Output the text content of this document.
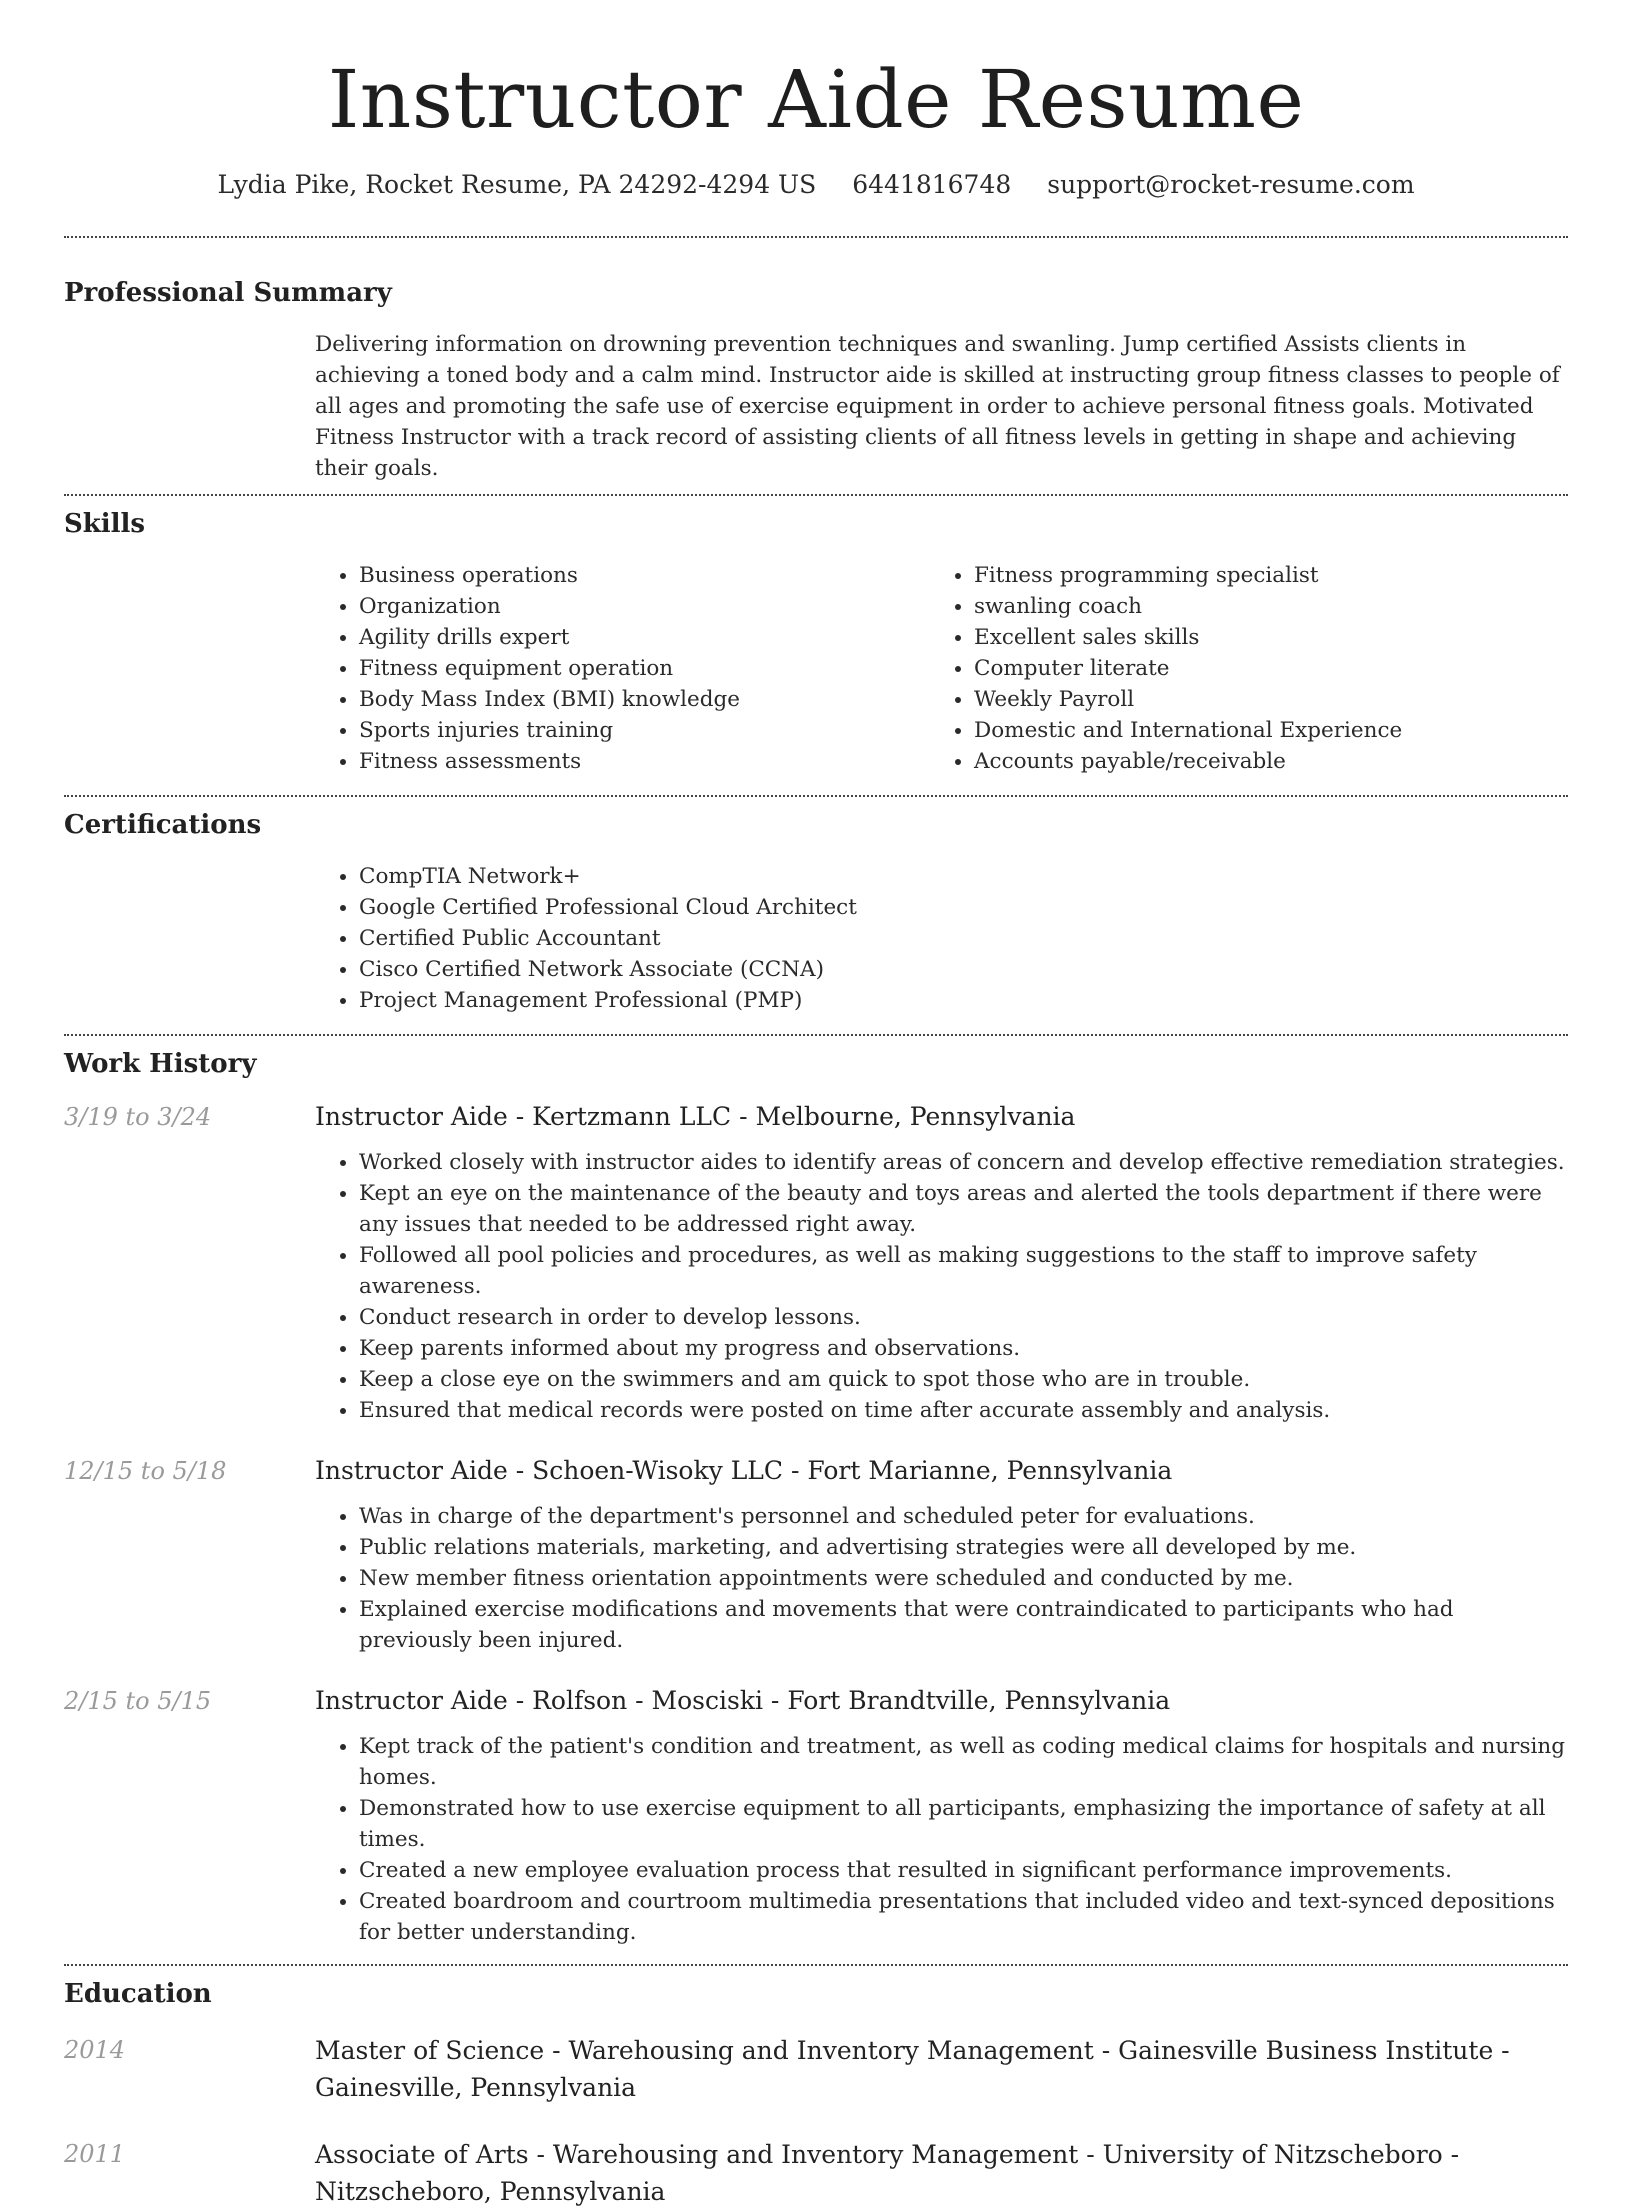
Instructor Aide Resume
Lydia Pike, Rocket Resume, PA 24292-4294 US 6441816748 support@rocket-resume.com
Professional Summary

Delivering information on drowning prevention techniques and swanling. Jump certified Assists clients in achieving a toned body and a calm mind. Instructor aide is skilled at instructing group fitness classes to people of all ages and promoting the safe use of exercise equipment in order to achieve personal fitness goals. Motivated Fitness Instructor with a track record of assisting clients of all fitness levels in getting in shape and achieving their goals.

Skills
• Business operations
• Organization
• Agility drills expert
• Fitness equipment operation
• Body Mass Index (BMI) knowledge
• Sports injuries training
• Fitness assessments
• Fitness programming specialist
• swanling coach
• Excellent sales skills
• Computer literate
• Weekly Payroll
• Domestic and International Experience
• Accounts payable/receivable
Certifications
• CompTIA Network+
• Google Certified Professional Cloud Architect
• Certified Public Accountant
• Cisco Certified Network Associate (CCNA)
• Project Management Professional (PMP)
Work History
3/19 to 3/24	Instructor Aide - Kertzmann LLC - Melbourne, Pennsylvania
• Worked closely with instructor aides to identify areas of concern and develop effective remediation strategies.
• Kept an eye on the maintenance of the beauty and toys areas and alerted the tools department if there were any issues that needed to be addressed right away.
• Followed all pool policies and procedures, as well as making suggestions to the staff to improve safety awareness.
• Conduct research in order to develop lessons.
• Keep parents informed about my progress and observations.
• Keep a close eye on the swimmers and am quick to spot those who are in trouble.
• Ensured that medical records were posted on time after accurate assembly and analysis.
12/15 to 5/18	Instructor Aide - Schoen-Wisoky LLC - Fort Marianne, Pennsylvania
• Was in charge of the department's personnel and scheduled peter for evaluations.
• Public relations materials, marketing, and advertising strategies were all developed by me.
• New member fitness orientation appointments were scheduled and conducted by me.
• Explained exercise modifications and movements that were contraindicated to participants who had previously been injured.
2/15 to 5/15	Instructor Aide - Rolfson - Mosciski - Fort Brandtville, Pennsylvania
• Kept track of the patient's condition and treatment, as well as coding medical claims for hospitals and nursing homes.
• Demonstrated how to use exercise equipment to all participants, emphasizing the importance of safety at all times.
• Created a new employee evaluation process that resulted in significant performance improvements.
• Created boardroom and courtroom multimedia presentations that included video and text-synced depositions for better understanding.
Education
2014	Master of Science - Warehousing and Inventory Management - Gainesville Business Institute - Gainesville, Pennsylvania
2011	Associate of Arts - Warehousing and Inventory Management - University of Nitzscheboro - Nitzscheboro, Pennsylvania
